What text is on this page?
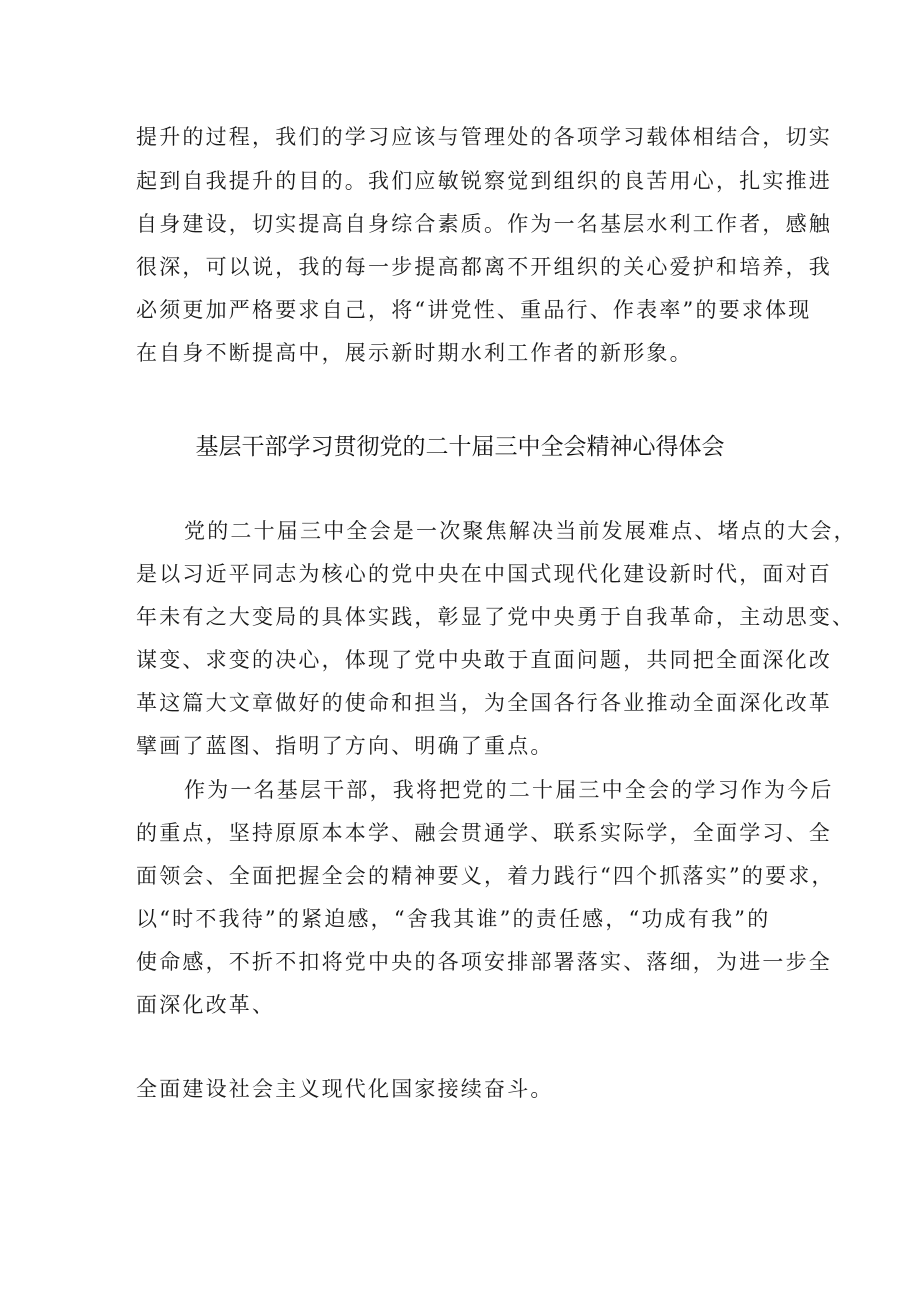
提升的过程，我们的学习应该与管理处的各项学习载体相结合，切实
起到自我提升的目的。我们应敏锐察觉到组织的良苦用心，扎实推进
自身建设，切实提高自身综合素质。作为一名基层水利工作者，感触
很深，可以说，我的每一步提高都离不开组织的关心爱护和培养，我
必须更加严格要求自己，将“讲党性、重品行、作表率”的要求体现
在自身不断提高中，展示新时期水利工作者的新形象。
基层干部学习贯彻党的二十届三中全会精神心得体会
党的二十届三中全会是一次聚焦解决当前发展难点、堵点的大会，
是以习近平同志为核心的党中央在中国式现代化建设新时代，面对百
年未有之大变局的具体实践，彰显了党中央勇于自我革命，主动思变、
谋变、求变的决心，体现了党中央敢于直面问题，共同把全面深化改
革这篇大文章做好的使命和担当，为全国各行各业推动全面深化改革
擘画了蓝图、指明了方向、明确了重点。
作为一名基层干部，我将把党的二十届三中全会的学习作为今后
的重点，坚持原原本本学、融会贯通学、联系实际学，全面学习、全
面领会、全面把握全会的精神要义，着力践行“四个抓落实”的要求，
以“时不我待”的紧迫感，“舍我其谁”的责任感，“功成有我”的
使命感，不折不扣将党中央的各项安排部署落实、落细，为进一步全
面深化改革、
全面建设社会主义现代化国家接续奋斗。
